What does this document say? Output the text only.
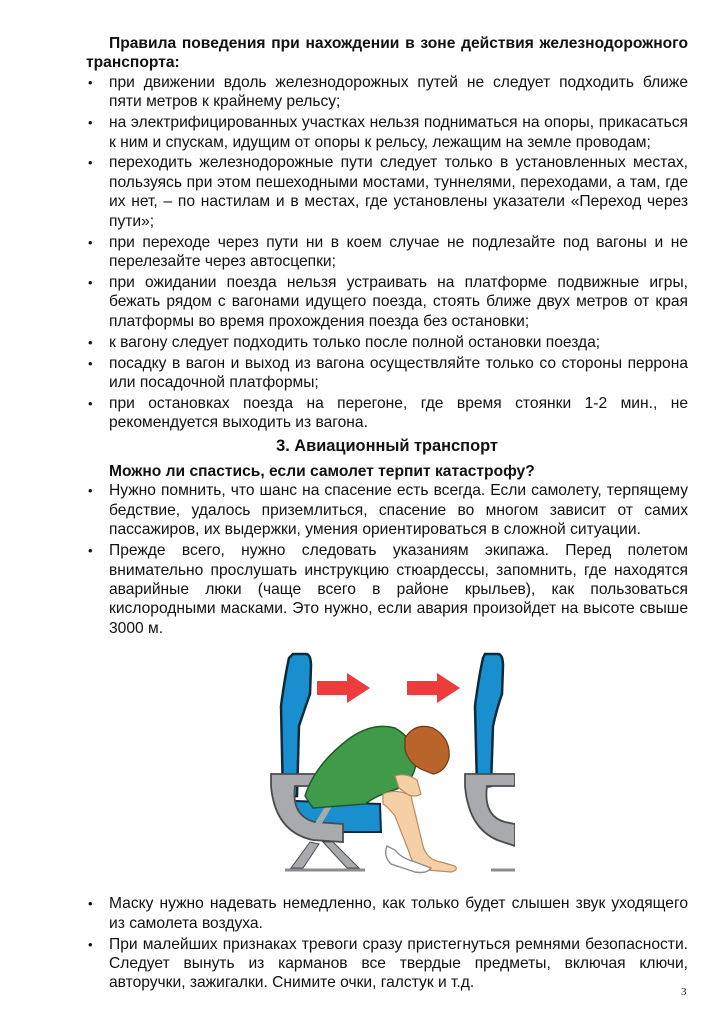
Правила поведения при нахождении в зоне действия железнодорожного транспорта:

• при движении вдоль железнодорожных путей не следует подходить ближе пяти метров к крайнему рельсу;
• на электрифицированных участках нельзя подниматься на опоры, прикасаться к ним и спускам, идущим от опоры к рельсу, лежащим на земле проводам;
• переходить железнодорожные пути следует только в установленных местах, пользуясь при этом пешеходными мостами, туннелями, переходами, а там, где их нет, – по настилам и в местах, где установлены указатели «Переход через пути»;
• при переходе через пути ни в коем случае не подлезайте под вагоны и не перелезайте через автосцепки;
• при ожидании поезда нельзя устраивать на платформе подвижные игры, бежать рядом с вагонами идущего поезда, стоять ближе двух метров от края платформы во время прохождения поезда без остановки;
• к вагону следует подходить только после полной остановки поезда;
• посадку в вагон и выход из вагона осуществляйте только со стороны перрона или посадочной платформы;
• при остановках поезда на перегоне, где время стоянки 1-2 мин., не рекомендуется выходить из вагона.
3. Авиационный транспорт
Можно ли спастись, если самолет терпит катастрофу?
• Нужно помнить, что шанс на спасение есть всегда. Если самолету, терпящему бедствие, удалось приземлиться, спасение во многом зависит от самих пассажиров, их выдержки, умения ориентироваться в сложной ситуации.
• Прежде всего, нужно следовать указаниям экипажа. Перед полетом внимательно прослушать инструкцию стюардессы, запомнить, где находятся аварийные люки (чаще всего в районе крыльев), как пользоваться кислородными масками. Это нужно, если авария произойдет на высоте свыше 3000 м.
• Маску нужно надевать немедленно, как только будет слышен звук уходящего из самолета воздуха.
• При малейших признаках тревоги сразу пристегнуться ремнями безопасности. Следует вынуть из карманов все твердые предметы, включая ключи, авторучки, зажигалки. Снимите очки, галстук и т.д.
3
